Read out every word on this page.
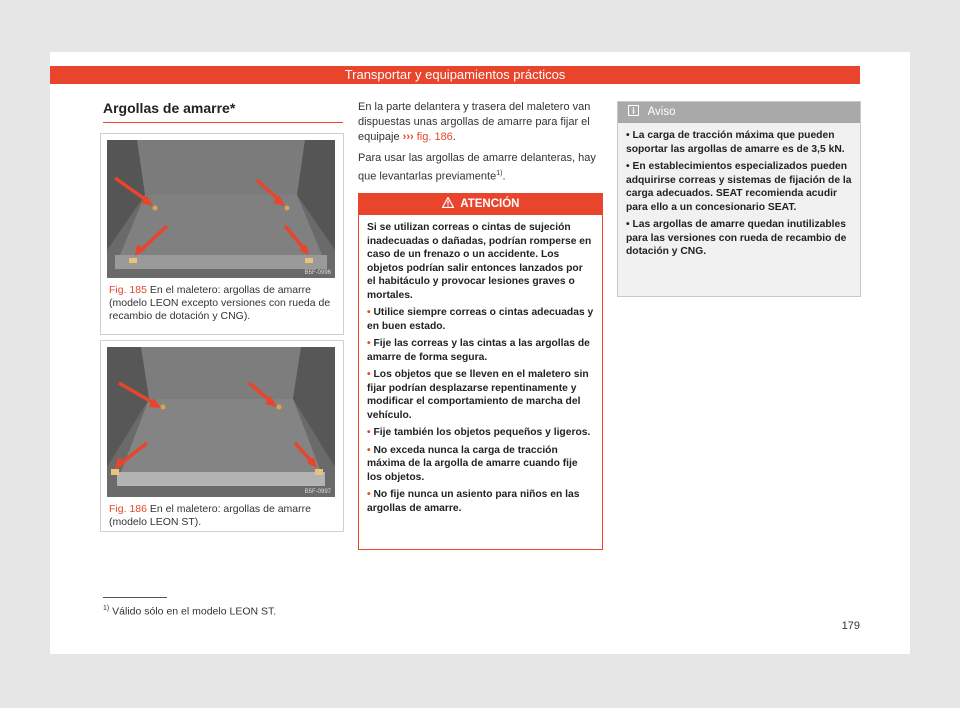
Transportar y equipamientos prácticos
Argollas de amarre*
B5F-0996
Fig. 185 En el maletero: argollas de amarre (modelo LEON excepto versiones con rueda de recambio de dotación y CNG).
B5F-0997
Fig. 186 En el maletero: argollas de amarre (modelo LEON ST).

En la parte delantera y trasera del maletero van dispuestas unas argollas de amarre para fijar el equipaje ››› fig. 186.

Para usar las argollas de amarre delanteras, hay que levantarlas previamente$^{1)}$.

ATENCIÓN

Si se utilizan correas o cintas de sujeción inadecuadas o dañadas, podrían romperse en caso de un frenazo o un accidente. Los objetos podrían salir entonces lanzados por el habitáculo y provocar lesiones graves o mortales.

• Utilice siempre correas o cintas adecuadas y en buen estado.

• Fije las correas y las cintas a las argollas de amarre de forma segura.

• Los objetos que se lleven en el maletero sin fijar podrían desplazarse repentinamente y modificar el comportamiento de marcha del vehículo.

• Fije también los objetos pequeños y ligeros.

• No exceda nunca la carga de tracción máxima de la argolla de amarre cuando fije los objetos.

• No fije nunca un asiento para niños en las argollas de amarre.

Aviso

• La carga de tracción máxima que pueden soportar las argollas de amarre es de 3,5 kN.

• En establecimientos especializados pueden adquirirse correas y sistemas de fijación de la carga adecuados. SEAT recomienda acudir para ello a un concesionario SEAT.

• Las argollas de amarre quedan inutilizables para las versiones con rueda de recambio de dotación y CNG.

$^{1)}$ Válido sólo en el modelo LEON ST.
179
